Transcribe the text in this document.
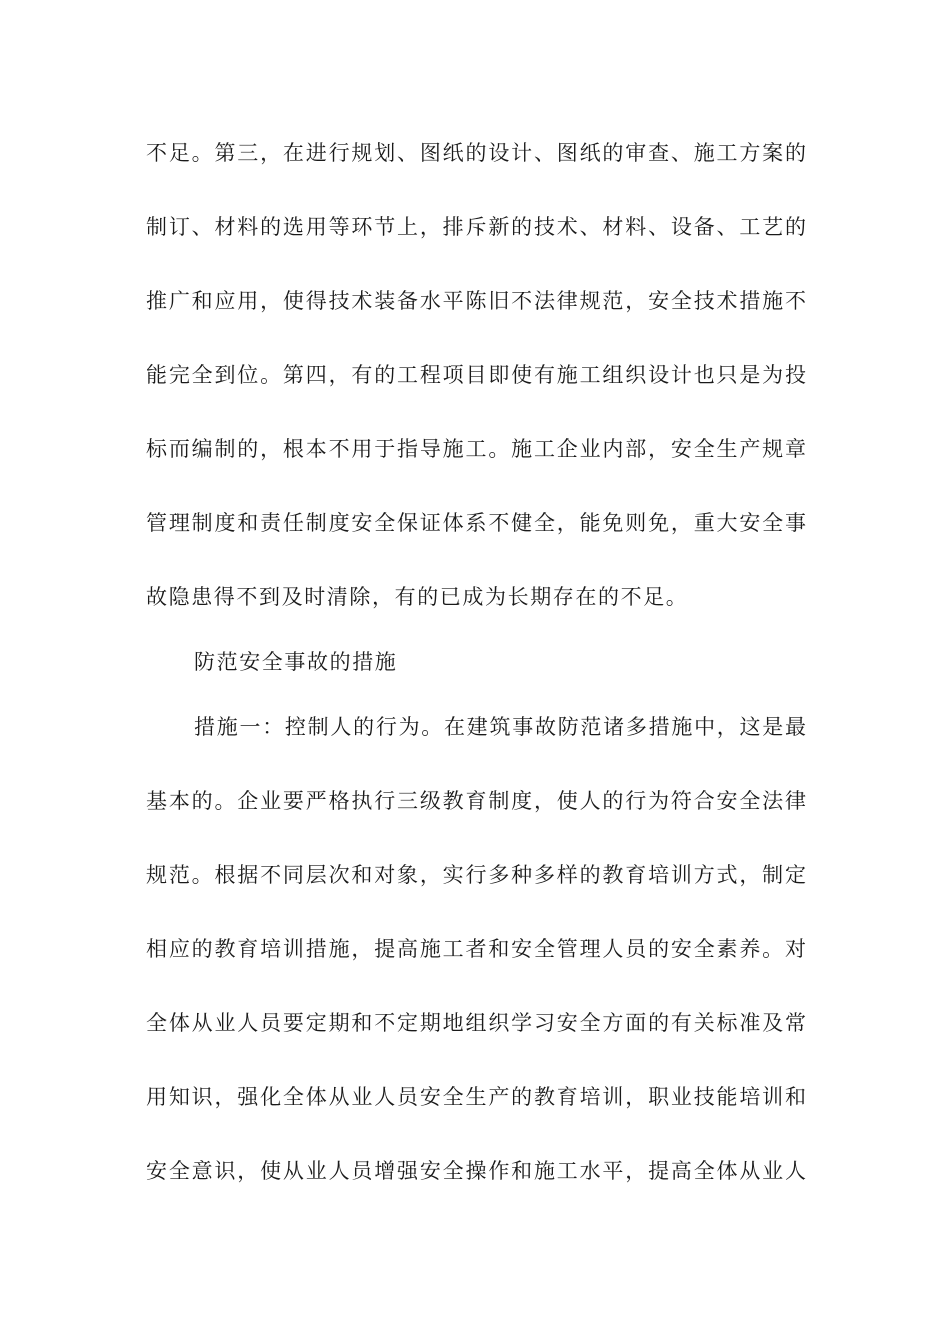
不足。第三，在进行规划、图纸的设计、图纸的审查、施工方案的
制订、材料的选用等环节上，排斥新的技术、材料、设备、工艺的
推广和应用，使得技术装备水平陈旧不法律规范，安全技术措施不
能完全到位。第四，有的工程项目即使有施工组织设计也只是为投
标而编制的，根本不用于指导施工。施工企业内部，安全生产规章
管理制度和责任制度安全保证体系不健全，能免则免，重大安全事
故隐患得不到及时清除，有的已成为长期存在的不足。
防范安全事故的措施
措施一：控制人的行为。在建筑事故防范诸多措施中，这是最
基本的。企业要严格执行三级教育制度，使人的行为符合安全法律
规范。根据不同层次和对象，实行多种多样的教育培训方式，制定
相应的教育培训措施，提高施工者和安全管理人员的安全素养。对
全体从业人员要定期和不定期地组织学习安全方面的有关标准及常
用知识，强化全体从业人员安全生产的教育培训，职业技能培训和
安全意识，使从业人员增强安全操作和施工水平，提高全体从业人
